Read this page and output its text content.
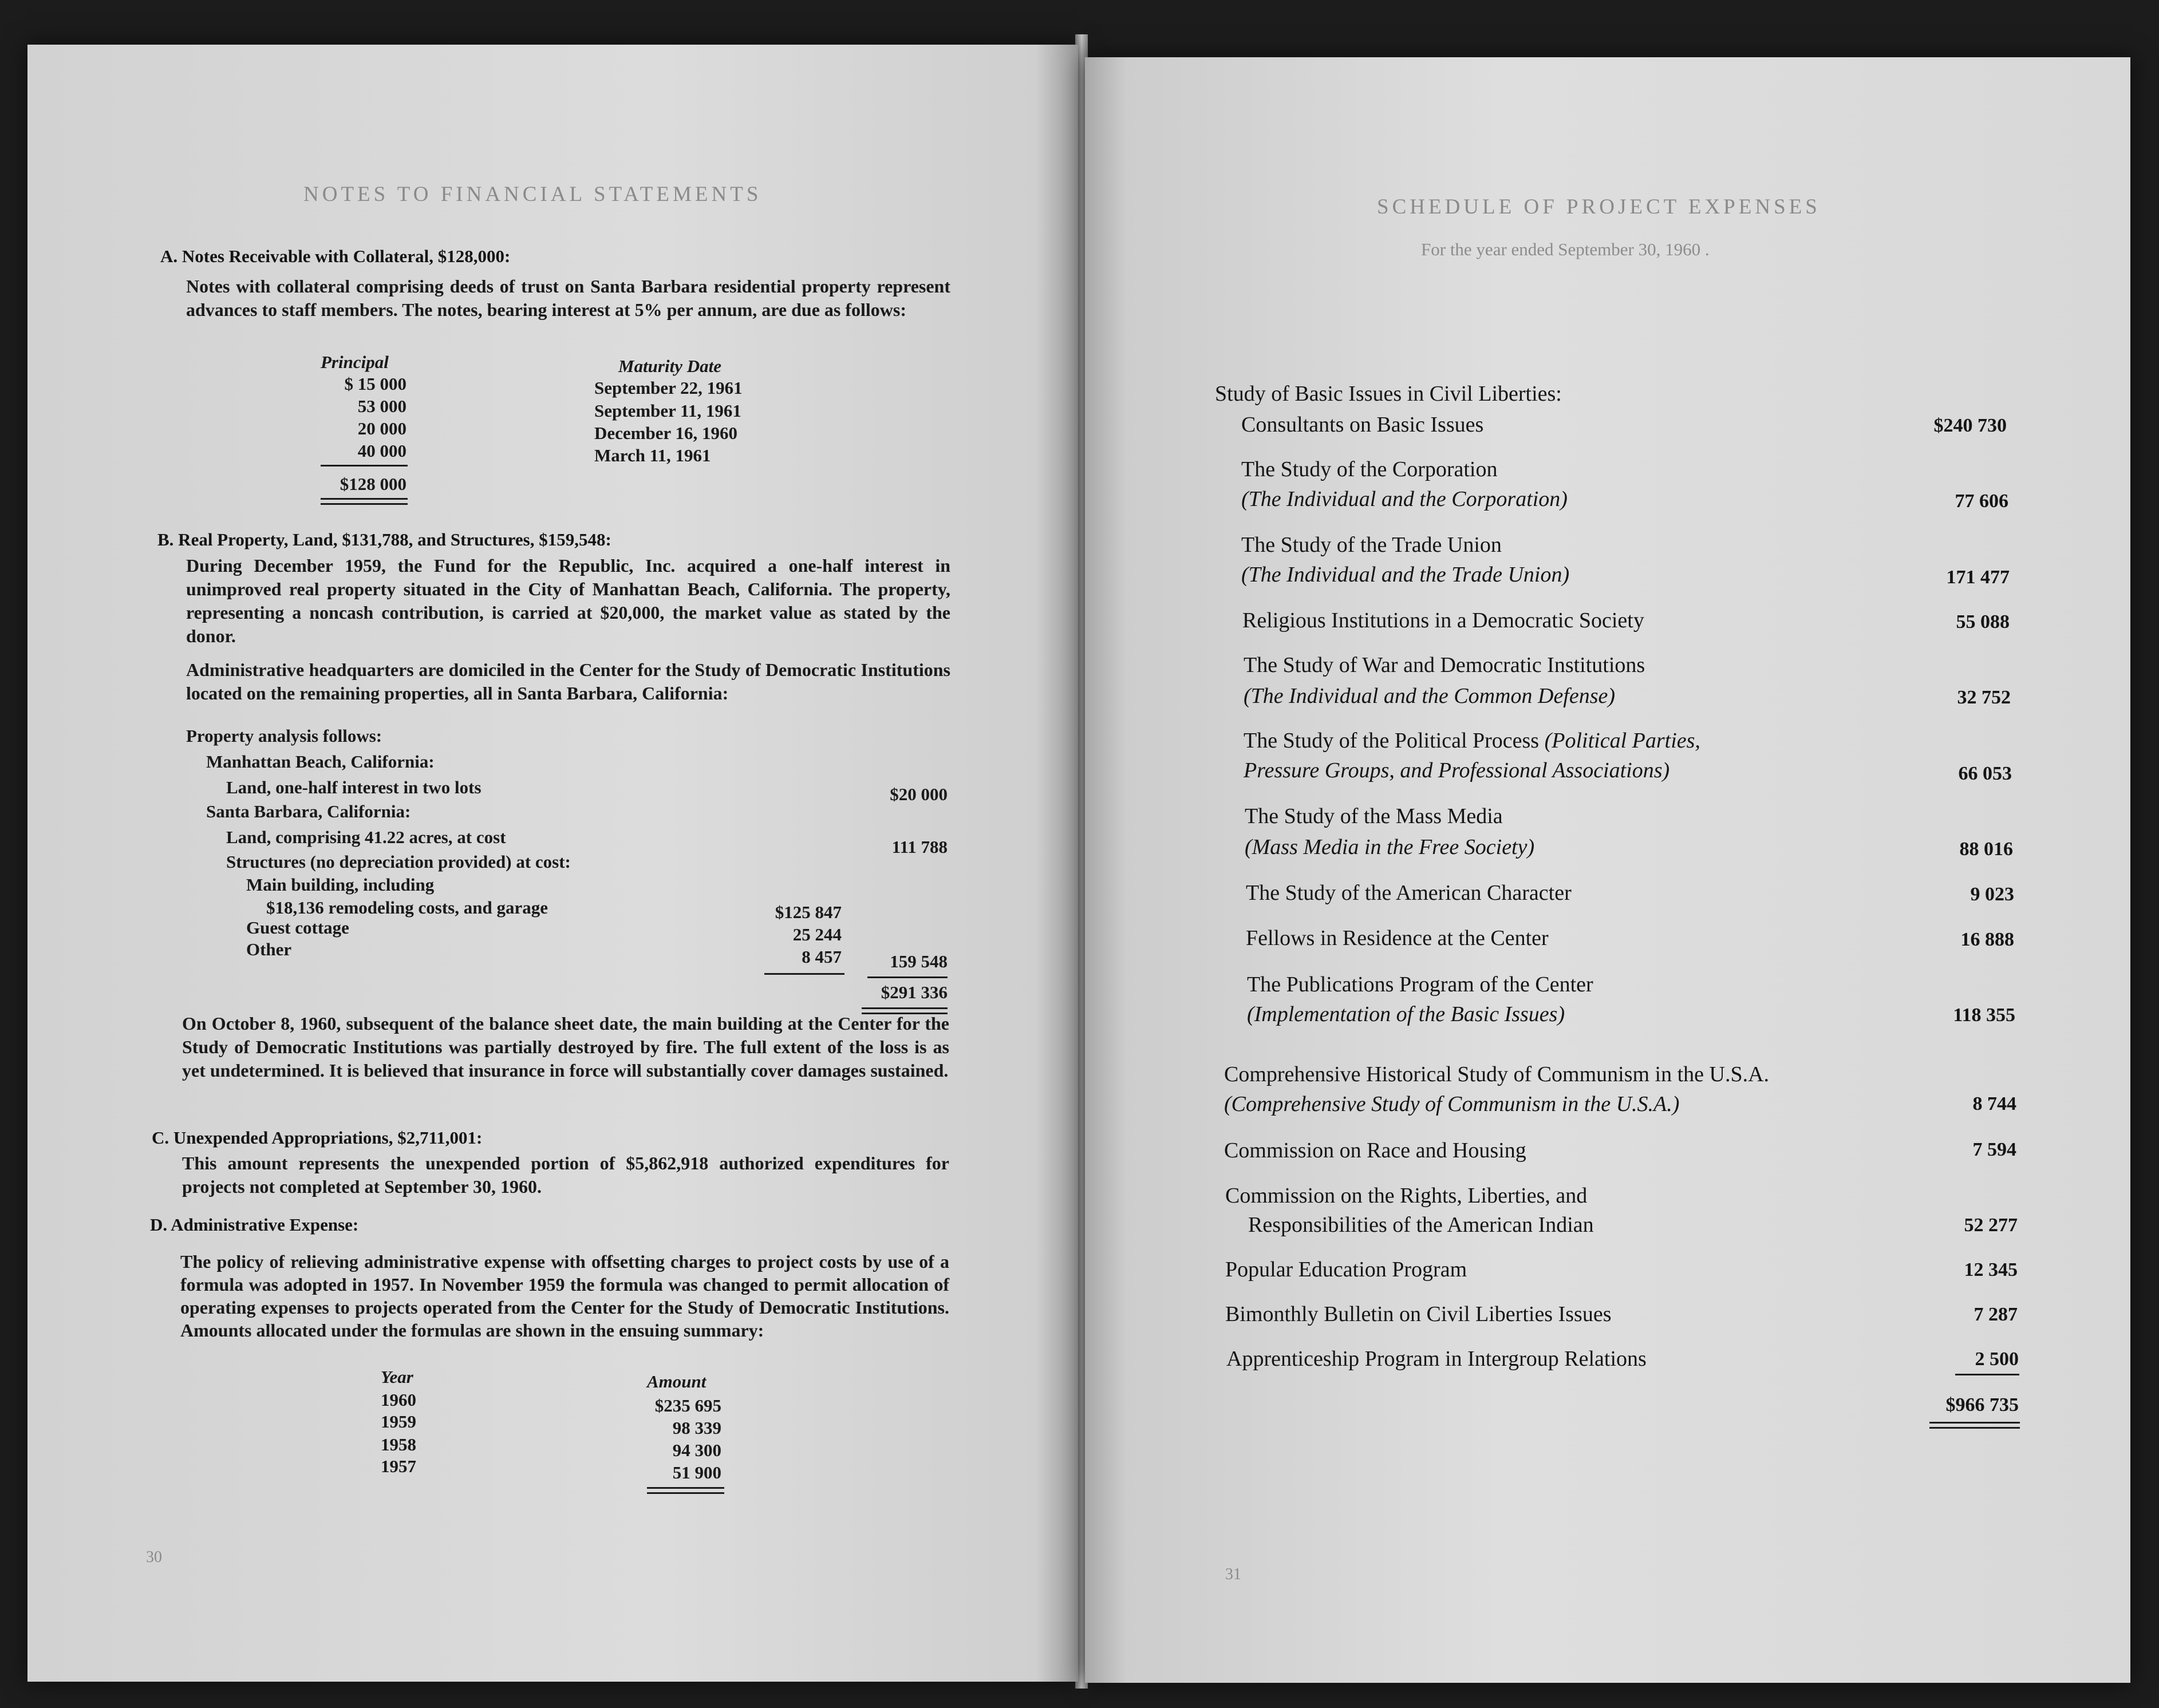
NOTES TO FINANCIAL STATEMENTS
A. Notes Receivable with Collateral, $128,000:
Notes with collateral comprising deeds of trust on Santa Barbara residential property represent advances to staff members. The notes, bearing interest at 5% per annum, are due as follows:
Principal	Maturity Date
$ 15 000	September 22, 1961
53 000	September 11, 1961
20 000	December 16, 1960
40 000	March 11, 1961
$128 000
B. Real Property, Land, $131,788, and Structures, $159,548:
During December 1959, the Fund for the Republic, Inc. acquired a one-half interest in unimproved real property situated in the City of Manhattan Beach, California. The property, representing a noncash contribution, is carried at $20,000, the market value as stated by the donor.
Administrative headquarters are domiciled in the Center for the Study of Democratic Institutions located on the remaining properties, all in Santa Barbara, California:
Property analysis follows:
Manhattan Beach, California:
Land, one-half interest in two lots	$20 000
Santa Barbara, California:
Land, comprising 41.22 acres, at cost	111 788
Structures (no depreciation provided) at cost:
Main building, including
$18,136 remodeling costs, and garage	$125 847
Guest cottage	25 244
Other	8 457	159 548
$291 336
On October 8, 1960, subsequent of the balance sheet date, the main building at the Center for the Study of Democratic Institutions was partially destroyed by fire. The full extent of the loss is as yet undetermined. It is believed that insurance in force will substantially cover damages sustained.
C. Unexpended Appropriations, $2,711,001:
This amount represents the unexpended portion of $5,862,918 authorized expenditures for projects not completed at September 30, 1960.
D. Administrative Expense:
The policy of relieving administrative expense with offsetting charges to project costs by use of a formula was adopted in 1957. In November 1959 the formula was changed to permit allocation of operating expenses to projects operated from the Center for the Study of Democratic Institutions. Amounts allocated under the formulas are shown in the ensuing summary:
Year	Amount
1960	$235 695
1959	98 339
1958	94 300
1957	51 900
30
SCHEDULE OF PROJECT EXPENSES
For the year ended September 30, 1960 .
Study of Basic Issues in Civil Liberties:
Consultants on Basic Issues	$240 730
The Study of the Corporation
(The Individual and the Corporation)	77 606
The Study of the Trade Union
(The Individual and the Trade Union)	171 477
Religious Institutions in a Democratic Society	55 088
The Study of War and Democratic Institutions
(The Individual and the Common Defense)	32 752
The Study of the Political Process (Political Parties,
Pressure Groups, and Professional Associations)	66 053
The Study of the Mass Media
(Mass Media in the Free Society)	88 016
The Study of the American Character	9 023
Fellows in Residence at the Center	16 888
The Publications Program of the Center
(Implementation of the Basic Issues)	118 355
Comprehensive Historical Study of Communism in the U.S.A.
(Comprehensive Study of Communism in the U.S.A.)	8 744
Commission on Race and Housing	7 594
Commission on the Rights, Liberties, and
Responsibilities of the American Indian	52 277
Popular Education Program	12 345
Bimonthly Bulletin on Civil Liberties Issues	7 287
Apprenticeship Program in Intergroup Relations	2 500
$966 735
31
